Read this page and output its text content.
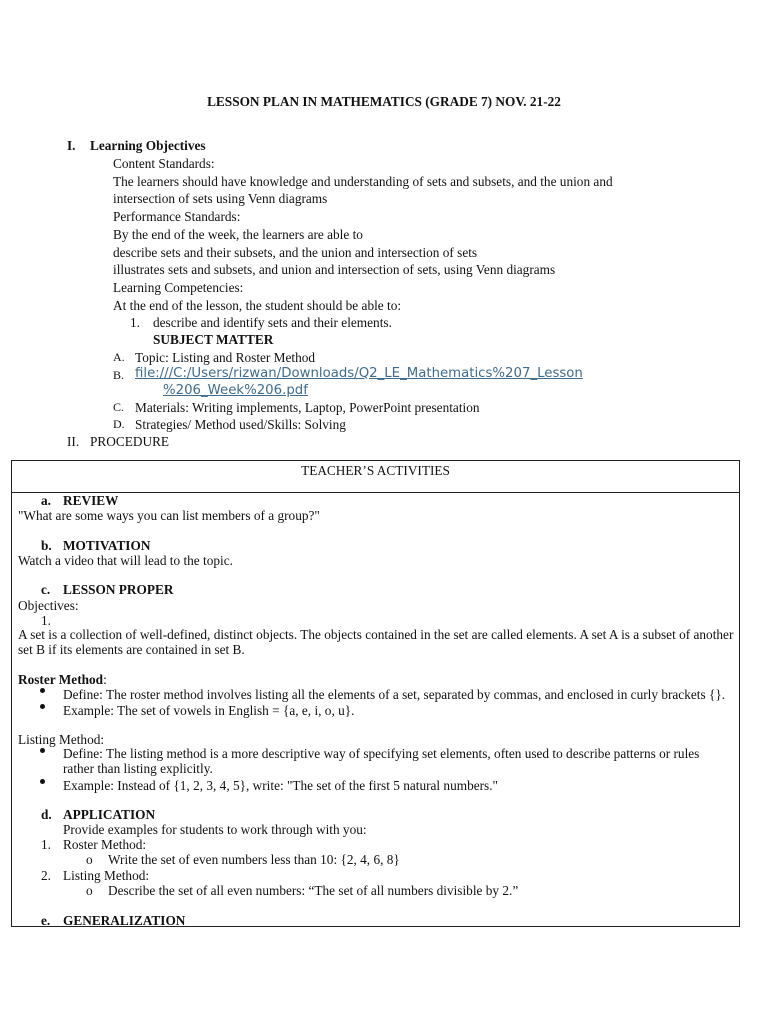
LESSON PLAN IN MATHEMATICS (GRADE 7) NOV. 21-22
I. Learning Objectives
Content Standards:
The learners should have knowledge and understanding of sets and subsets, and the union and
intersection of sets using Venn diagrams
Performance Standards:
By the end of the week, the learners are able to
describe sets and their subsets, and the union and intersection of sets
illustrates sets and subsets, and union and intersection of sets, using Venn diagrams
Learning Competencies:
At the end of the lesson, the student should be able to:
1. describe and identify sets and their elements.
SUBJECT MATTER
A. Topic: Listing and Roster Method
B. file:///C:/Users/rizwan/Downloads/Q2_LE_Mathematics%207_Lesson
%206_Week%206.pdf
C. Materials: Writing implements, Laptop, PowerPoint presentation
D. Strategies/ Method used/Skills: Solving
II. PROCEDURE
TEACHER’S ACTIVITIES
a. REVIEW
"What are some ways you can list members of a group?"
b. MOTIVATION
Watch a video that will lead to the topic.
c. LESSON PROPER
Objectives:
1.
A set is a collection of well-defined, distinct objects. The objects contained in the set are called elements. A set A is a subset of another set B if its elements are contained in set B.
Roster Method:
Define: The roster method involves listing all the elements of a set, separated by commas, and enclosed in curly brackets {}.
Example: The set of vowels in English = {a, e, i, o, u}.
Listing Method:
Define: The listing method is a more descriptive way of specifying set elements, often used to describe patterns or rules rather than listing explicitly.
Example: Instead of {1, 2, 3, 4, 5}, write: "The set of the first 5 natural numbers."
d. APPLICATION
Provide examples for students to work through with you:
1. Roster Method:
o Write the set of even numbers less than 10: {2, 4, 6, 8}
2. Listing Method:
o Describe the set of all even numbers: “The set of all numbers divisible by 2.”
e. GENERALIZATION
